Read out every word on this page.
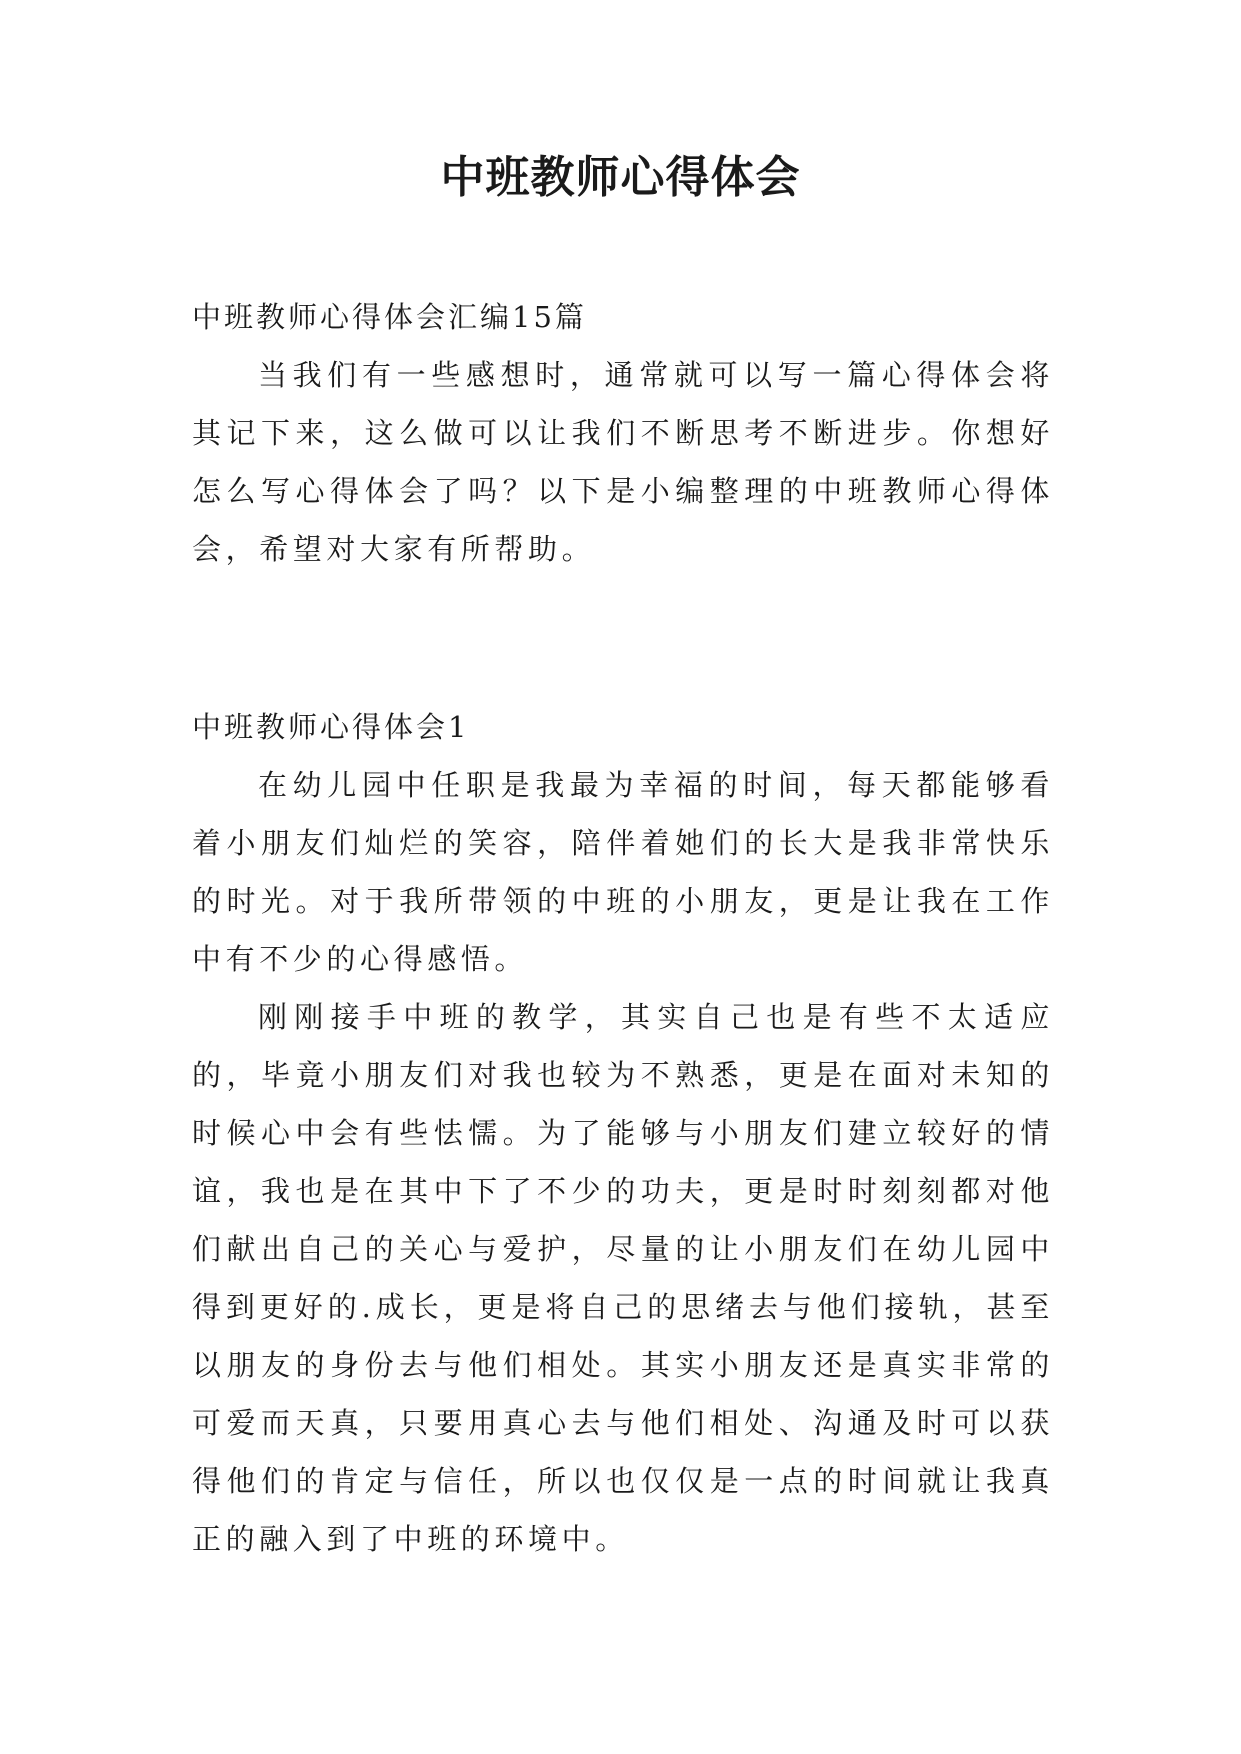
中班教师心得体会
中班教师心得体会汇编15篇

当我们有一些感想时，通常就可以写一篇心得体会将其记下来，这么做可以让我们不断思考不断进步。你想好怎么写心得体会了吗？以下是小编整理的中班教师心得体会，希望对大家有所帮助。

中班教师心得体会1

在幼儿园中任职是我最为幸福的时间，每天都能够看着小朋友们灿烂的笑容，陪伴着她们的长大是我非常快乐的时光。对于我所带领的中班的小朋友，更是让我在工作中有不少的心得感悟。

刚刚接手中班的教学，其实自己也是有些不太适应的，毕竟小朋友们对我也较为不熟悉，更是在面对未知的时候心中会有些怯懦。为了能够与小朋友们建立较好的情谊，我也是在其中下了不少的功夫，更是时时刻刻都对他们献出自己的关心与爱护，尽量的让小朋友们在幼儿园中得到更好的.成长，更是将自己的思绪去与他们接轨，甚至以朋友的身份去与他们相处。其实小朋友还是真实非常的可爱而天真，只要用真心去与他们相处、沟通及时可以获得他们的肯定与信任，所以也仅仅是一点的时间就让我真正的融入到了中班的环境中。
